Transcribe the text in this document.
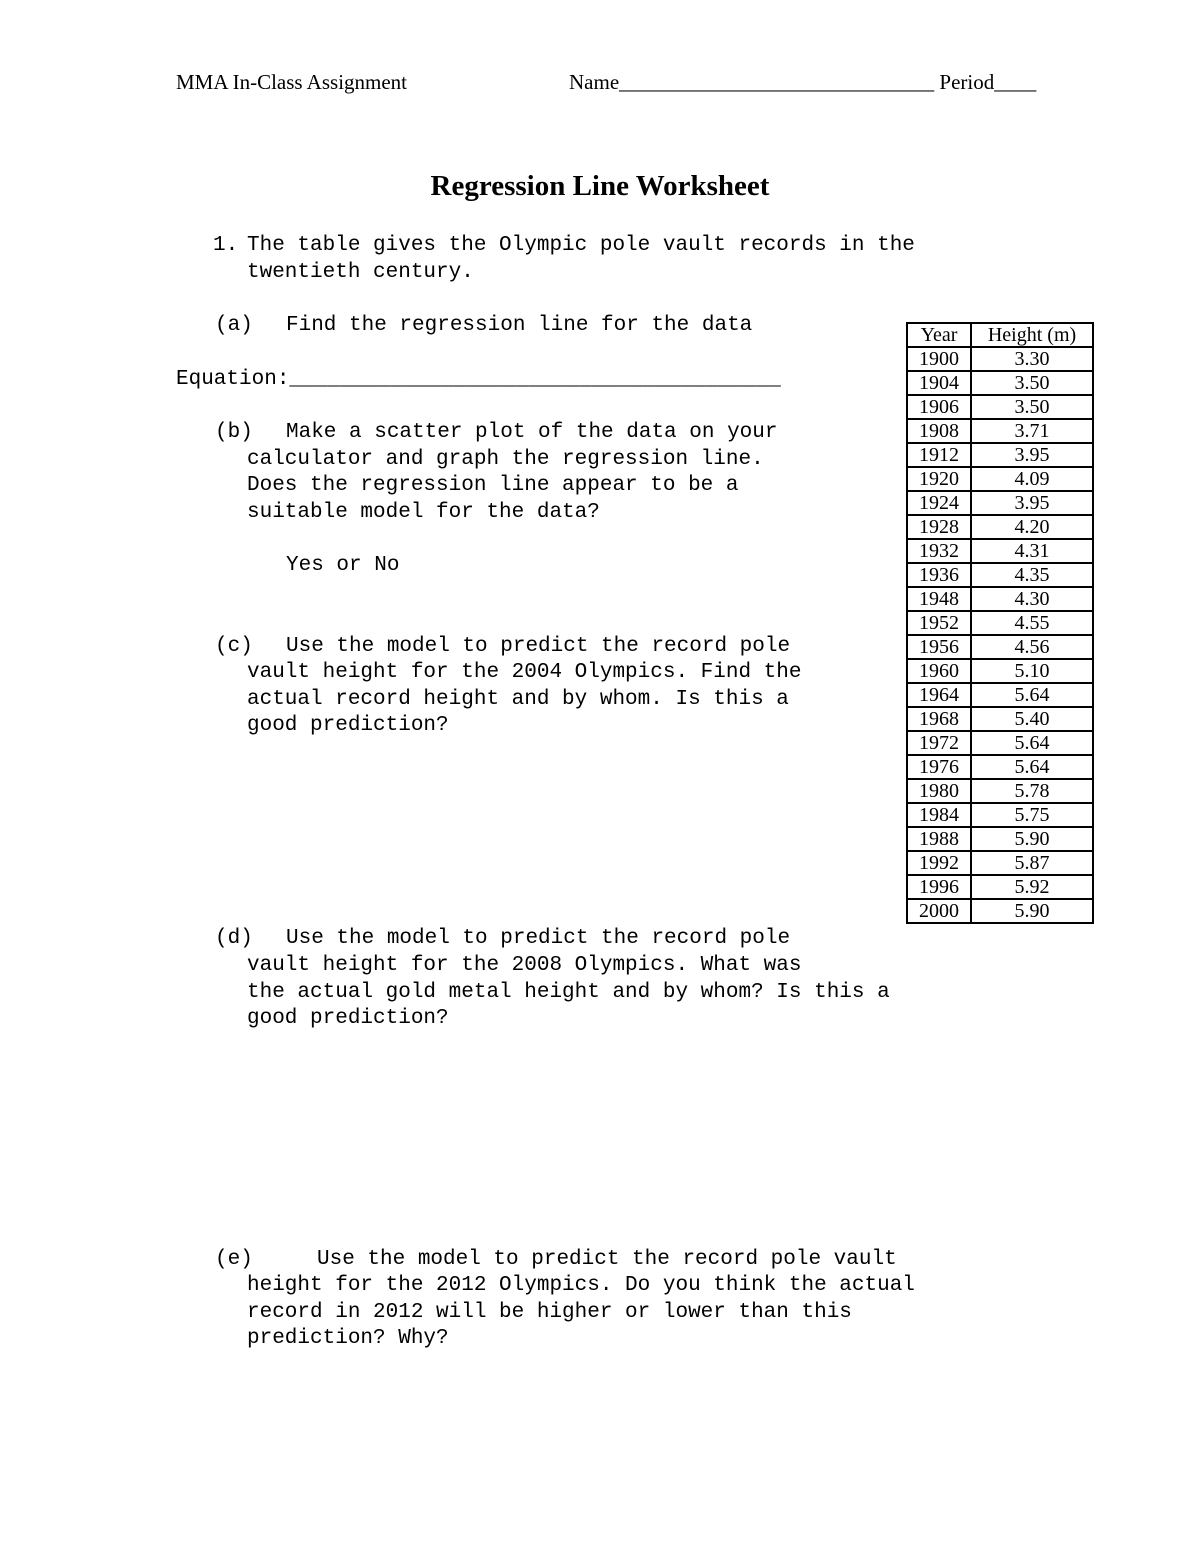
MMA In-Class Assignment	Name______________________________ Period____
Regression Line Worksheet
1. The table gives the Olympic pole vault records in the
twentieth century.
(a) Find the regression line for the data
Equation:_______________________________________
(b) Make a scatter plot of the data on your
calculator and graph the regression line.
Does the regression line appear to be a
suitable model for the data?
Yes or No
(c) Use the model to predict the record pole
vault height for the 2004 Olympics. Find the
actual record height and by whom. Is this a
good prediction?
(d) Use the model to predict the record pole
vault height for the 2008 Olympics. What was
the actual gold metal height and by whom? Is this a
good prediction?
(e)	Use the model to predict the record pole vault
height for the 2012 Olympics. Do you think the actual
record in 2012 will be higher or lower than this
prediction? Why?
Year	Height (m)
1900	3.30
1904	3.50
1906	3.50
1908	3.71
1912	3.95
1920	4.09
1924	3.95
1928	4.20
1932	4.31
1936	4.35
1948	4.30
1952	4.55
1956	4.56
1960	5.10
1964	5.64
1968	5.40
1972	5.64
1976	5.64
1980	5.78
1984	5.75
1988	5.90
1992	5.87
1996	5.92
2000	5.90
